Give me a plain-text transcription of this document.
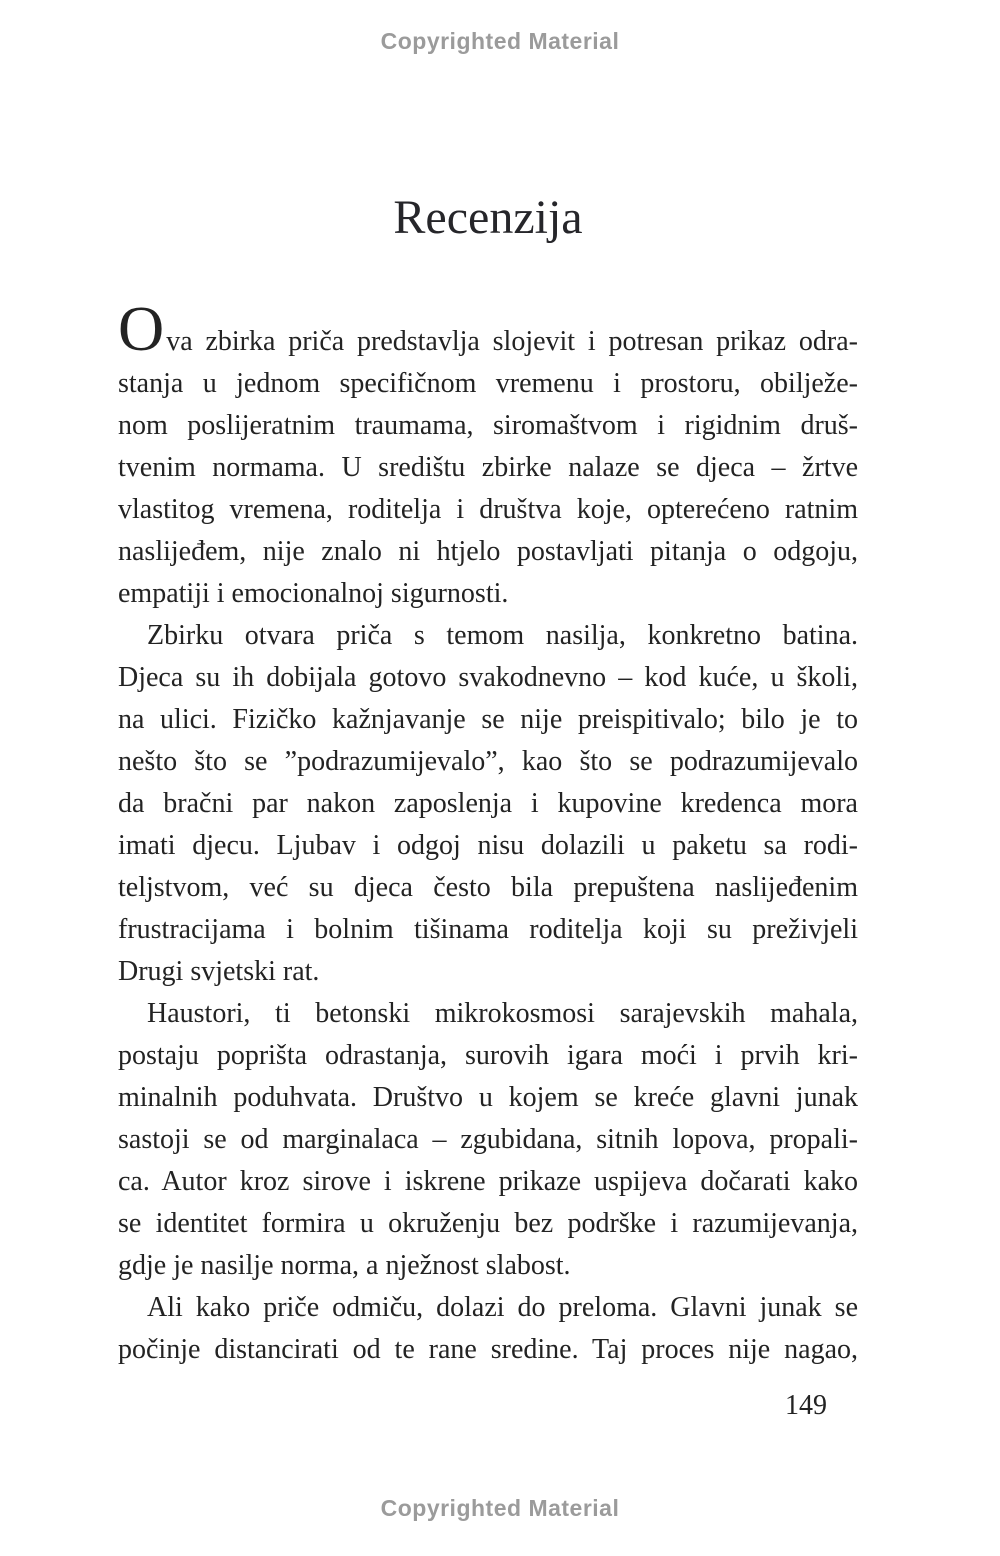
Copyrighted Material
Recenzija
Ova zbirka priča predstavlja slojevit i potresan prikaz odra-
stanja u jednom specifičnom vremenu i prostoru, obilježe-
nom poslijeratnim traumama, siromaštvom i rigidnim druš-
tvenim normama. U središtu zbirke nalaze se djeca – žrtve
vlastitog vremena, roditelja i društva koje, opterećeno ratnim
naslijeđem, nije znalo ni htjelo postavljati pitanja o odgoju,
empatiji i emocionalnoj sigurnosti.
Zbirku otvara priča s temom nasilja, konkretno batina.
Djeca su ih dobijala gotovo svakodnevno – kod kuće, u školi,
na ulici. Fizičko kažnjavanje se nije preispitivalo; bilo je to
nešto što se ”podrazumijevalo”, kao što se podrazumijevalo
da bračni par nakon zaposlenja i kupovine kredenca mora
imati djecu. Ljubav i odgoj nisu dolazili u paketu sa rodi-
teljstvom, već su djeca često bila prepuštena naslijeđenim
frustracijama i bolnim tišinama roditelja koji su preživjeli
Drugi svjetski rat.
Haustori, ti betonski mikrokosmosi sarajevskih mahala,
postaju poprišta odrastanja, surovih igara moći i prvih kri-
minalnih poduhvata. Društvo u kojem se kreće glavni junak
sastoji se od marginalaca – zgubidana, sitnih lopova, propali-
ca. Autor kroz sirove i iskrene prikaze uspijeva dočarati kako
se identitet formira u okruženju bez podrške i razumijevanja,
gdje je nasilje norma, a nježnost slabost.
Ali kako priče odmiču, dolazi do preloma. Glavni junak se
počinje distancirati od te rane sredine. Taj proces nije nagao,
149
Copyrighted Material
